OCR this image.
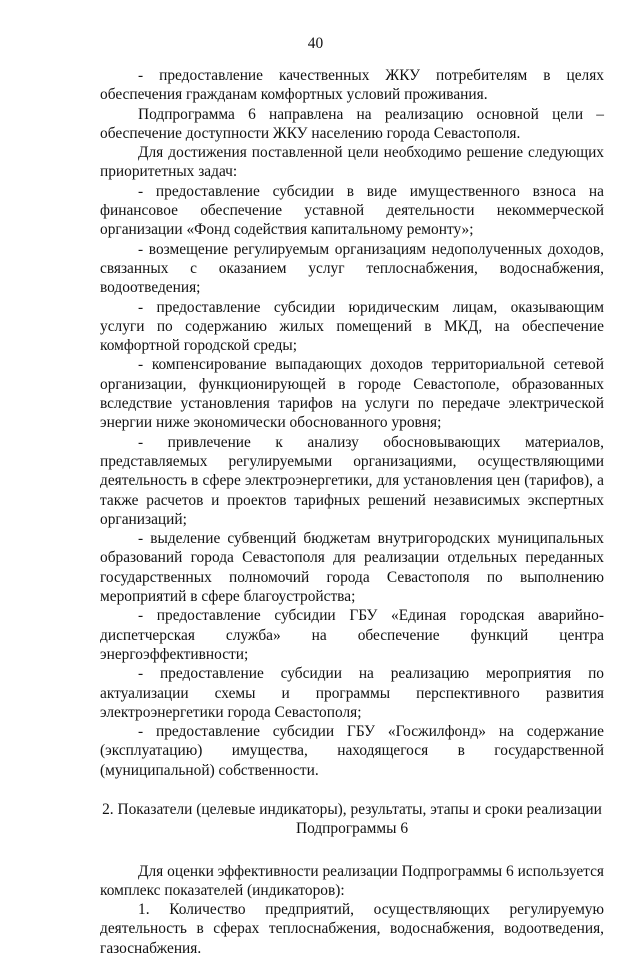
40

- предоставление качественных ЖКУ потребителям в целях обеспечения гражданам комфортных условий проживания.

Подпрограмма 6 направлена на реализацию основной цели – обеспечение доступности ЖКУ населению города Севастополя.

Для достижения поставленной цели необходимо решение следующих приоритетных задач:

- предоставление субсидии в виде имущественного взноса на финансовое обеспечение уставной деятельности некоммерческой организации «Фонд содействия капитальному ремонту»;

- возмещение регулируемым организациям недополученных доходов, связанных с оказанием услуг теплоснабжения, водоснабжения, водоотведения;

- предоставление субсидии юридическим лицам, оказывающим услуги по содержанию жилых помещений в МКД, на обеспечение комфортной городской среды;

- компенсирование выпадающих доходов территориальной сетевой организации, функционирующей в городе Севастополе, образованных вследствие установления тарифов на услуги по передаче электрической энергии ниже экономически обоснованного уровня;

- привлечение к анализу обосновывающих материалов, представляемых регулируемыми организациями, осуществляющими деятельность в сфере электроэнергетики, для установления цен (тарифов), а также расчетов и проектов тарифных решений независимых экспертных организаций;

- выделение субвенций бюджетам внутригородских муниципальных образований города Севастополя для реализации отдельных переданных государственных полномочий города Севастополя по выполнению мероприятий в сфере благоустройства;

- предоставление субсидии ГБУ «Единая городская аварийно-диспетчерская служба» на обеспечение функций центра энергоэффективности;

- предоставление субсидии на реализацию мероприятия по актуализации схемы и программы перспективного развития электроэнергетики города Севастополя;

- предоставление субсидии ГБУ «Госжилфонд» на содержание (эксплуатацию) имущества, находящегося в государственной (муниципальной) собственности.

2. Показатели (целевые индикаторы), результаты, этапы и сроки реализации
Подпрограммы 6

Для оценки эффективности реализации Подпрограммы 6 используется комплекс показателей (индикаторов):

1. Количество предприятий, осуществляющих регулируемую деятельность в сферах теплоснабжения, водоснабжения, водоотведения, газоснабжения.
